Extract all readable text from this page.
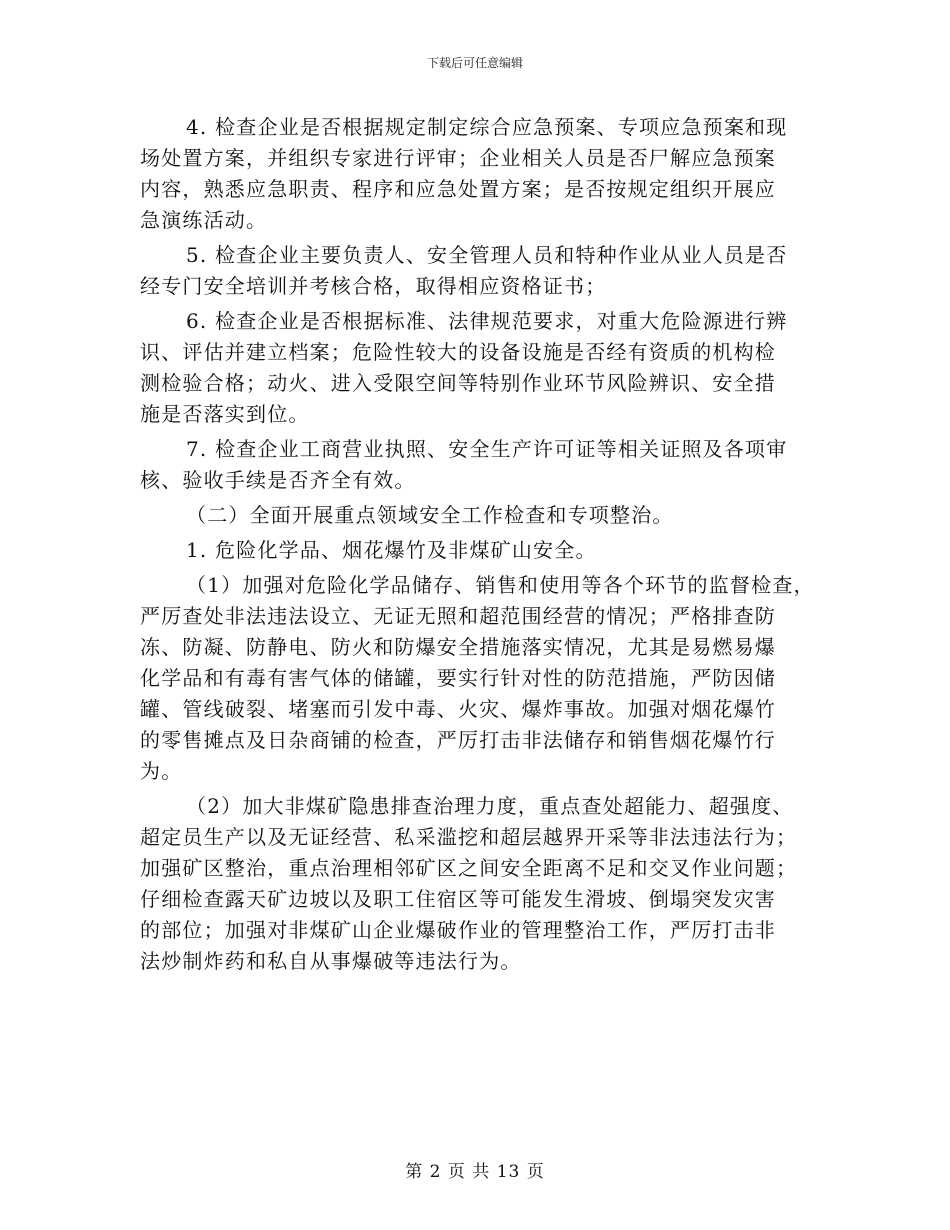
下载后可任意编辑

4. 检查企业是否根据规定制定综合应急预案、专项应急预案和现
场处置方案，并组织专家进行评审；企业相关人员是否尸解应急预案
内容，熟悉应急职责、程序和应急处置方案；是否按规定组织开展应
急演练活动。

5. 检查企业主要负责人、安全管理人员和特种作业从业人员是否
经专门安全培训并考核合格，取得相应资格证书；

6. 检查企业是否根据标准、法律规范要求，对重大危险源进行辨
识、评估并建立档案；危险性较大的设备设施是否经有资质的机构检
测检验合格；动火、进入受限空间等特别作业环节风险辨识、安全措
施是否落实到位。

7. 检查企业工商营业执照、安全生产许可证等相关证照及各项审
核、验收手续是否齐全有效。

（二）全面开展重点领域安全工作检查和专项整治。

1. 危险化学品、烟花爆竹及非煤矿山安全。

（1）加强对危险化学品储存、销售和使用等各个环节的监督检查，
严厉查处非法违法设立、无证无照和超范围经营的情况；严格排查防
冻、防凝、防静电、防火和防爆安全措施落实情况，尤其是易燃易爆
化学品和有毒有害气体的储罐，要实行针对性的防范措施，严防因储
罐、管线破裂、堵塞而引发中毒、火灾、爆炸事故。加强对烟花爆竹
的零售摊点及日杂商铺的检查，严厉打击非法储存和销售烟花爆竹行
为。

（2）加大非煤矿隐患排查治理力度，重点查处超能力、超强度、
超定员生产以及无证经营、私采滥挖和超层越界开采等非法违法行为；
加强矿区整治，重点治理相邻矿区之间安全距离不足和交叉作业问题；
仔细检查露天矿边坡以及职工住宿区等可能发生滑坡、倒塌突发灾害
的部位；加强对非煤矿山企业爆破作业的管理整治工作，严厉打击非
法炒制炸药和私自从事爆破等违法行为。

第 2 页 共 13 页
